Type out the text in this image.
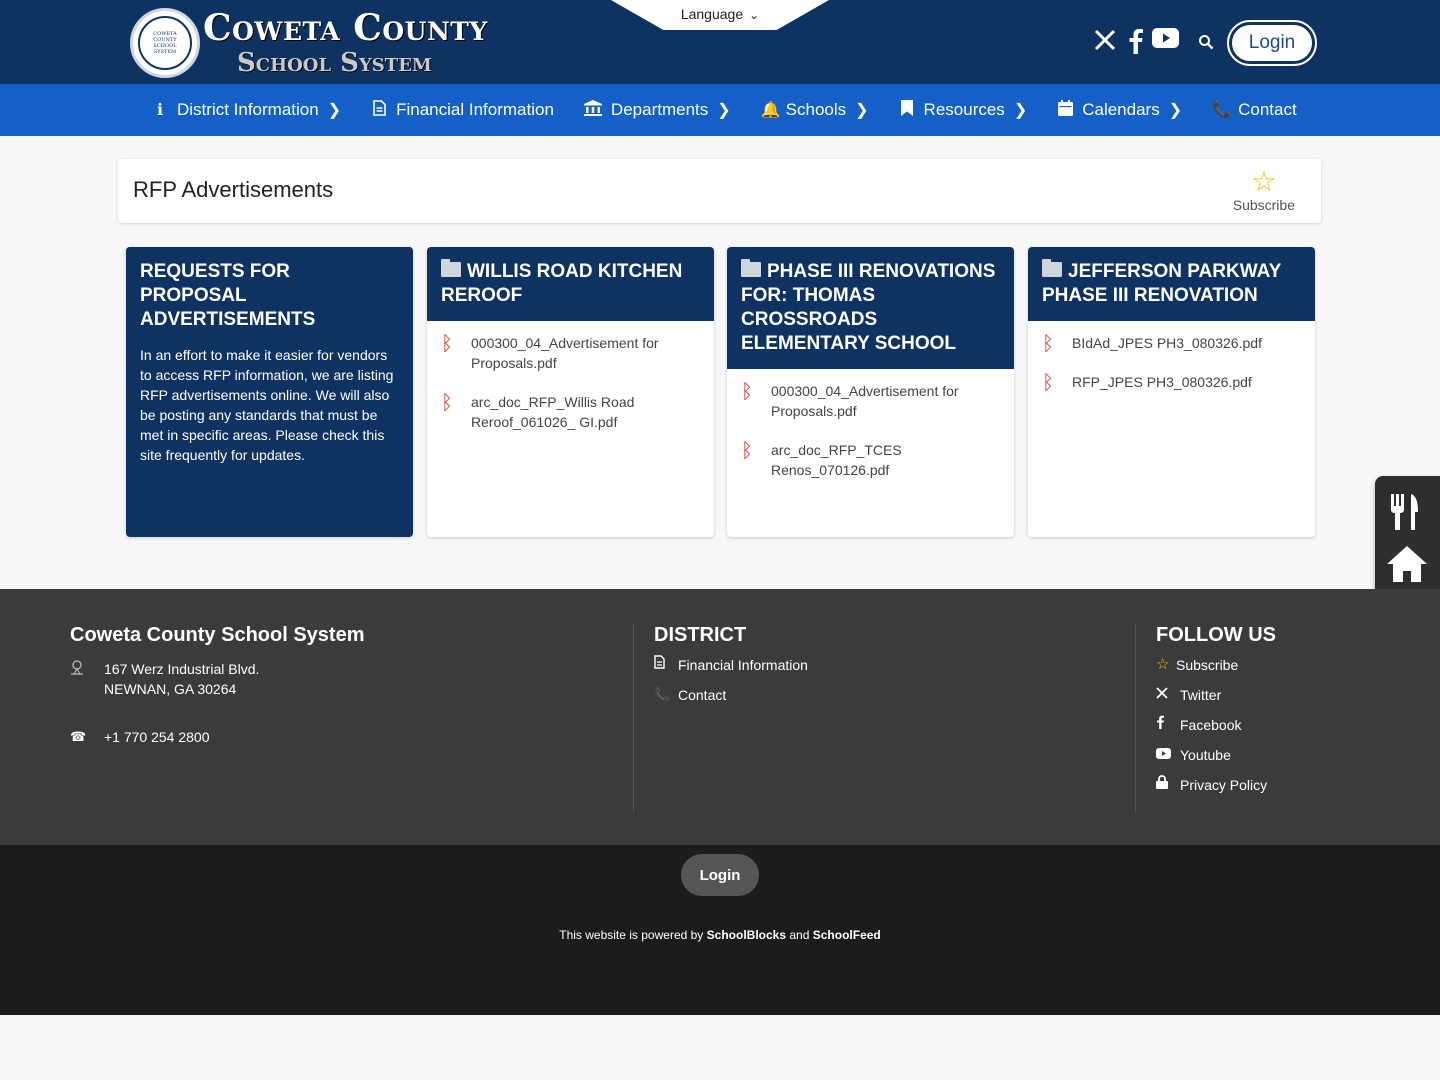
COWETA COUNTY SCHOOL SYSTEM
Coweta County
School System
Language ⌄
Login
ℹ District Information ❯	Financial Information	Departments ❯ 🔔 Schools ❯	Resources ❯	Calendars ❯ 📞 Contact
RFP Advertisements	☆
Subscribe
REQUESTS FOR PROPOSAL ADVERTISEMENTS
In an effort to make it easier for vendors to access RFP information, we are listing RFP advertisements online. We will also be posting any standards that must be met in specific areas. Please check this site frequently for updates.
WILLIS ROAD KITCHEN REROOF
ᛒ	000300_04_Advertisement for Proposals.pdf
ᛒ	arc_doc_RFP_Willis Road Reroof_061026_ GI.pdf
PHASE III RENOVATIONS FOR: THOMAS CROSSROADS ELEMENTARY SCHOOL
ᛒ	000300_04_Advertisement for Proposals.pdf
ᛒ	arc_doc_RFP_TCES Renos_070126.pdf
JEFFERSON PARKWAY PHASE III RENOVATION
ᛒ	BIdAd_JPES PH3_080326.pdf
ᛒ	RFP_JPES PH3_080326.pdf
Coweta County School System
167 Werz Industrial Blvd.
NEWNAN, GA 30264
☎	+1 770 254 2800
DISTRICT
Financial Information
📞 Contact
FOLLOW US
☆ Subscribe
Twitter
Facebook
Youtube
Privacy Policy
Login
This website is powered by SchoolBlocks and SchoolFeed
